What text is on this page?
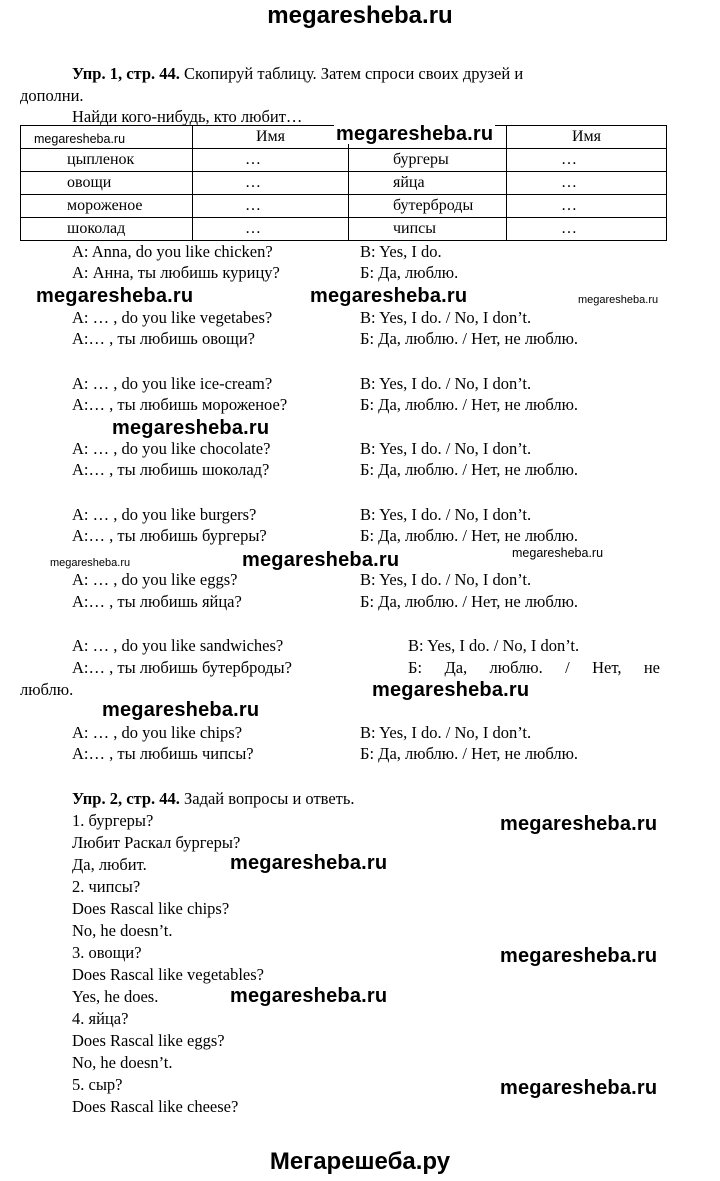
megaresheba.ru
Упр. 1, стр. 44. Скопируй таблицу. Затем спроси своих друзей и
дополни.
Найди кого-нибудь, кто любит…
	Имя		Имя
цыпленок	…	бургеры	…
овощи	…	яйца	…
мороженое	…	бутерброды	…
шоколад	…	чипсы	…
megaresheba.ru	megaresheba.ru
A: Anna, do you like chicken?	B: Yes, I do.
А: Анна, ты любишь курицу?	Б: Да, люблю.
megaresheba.ru	megaresheba.ru	megaresheba.ru
A: … , do you like vegetabes?	B: Yes, I do. / No, I don’t.
А:… , ты любишь овощи?	Б: Да, люблю. / Нет, не люблю.
A: … , do you like ice-cream?	B: Yes, I do. / No, I don’t.
А:… , ты любишь мороженое?	Б: Да, люблю. / Нет, не люблю.
megaresheba.ru
A: … , do you like chocolate?	B: Yes, I do. / No, I don’t.
А:… , ты любишь шоколад?	Б: Да, люблю. / Нет, не люблю.
A: … , do you like burgers?	B: Yes, I do. / No, I don’t.
А:… , ты любишь бургеры?	Б: Да, люблю. / Нет, не люблю.
megaresheba.ru	megaresheba.ru	megaresheba.ru
A: … , do you like eggs?	B: Yes, I do. / No, I don’t.
А:… , ты любишь яйца?	Б: Да, люблю. / Нет, не люблю.
A: … , do you like sandwiches?	B: Yes, I do. / No, I don’t.
А:… , ты любишь бутерброды?	Б: Да, люблю. / Нет, не
люблю.	megaresheba.ru
megaresheba.ru
A: … , do you like chips?	B: Yes, I do. / No, I don’t.
А:… , ты любишь чипсы?	Б: Да, люблю. / Нет, не люблю.
Упр. 2, стр. 44. Задай вопросы и ответь.
1. бургеры?
Любит Раскал бургеры?
Да, любит.
2. чипсы?
Does Rascal like chips?
No, he doesn’t.
3. овощи?
Does Rascal like vegetables?
Yes, he does.
4. яйца?
Does Rascal like eggs?
No, he doesn’t.
5. сыр?
Does Rascal like cheese?
megaresheba.ru
megaresheba.ru
megaresheba.ru
megaresheba.ru
megaresheba.ru
Мегарешеба.ру
